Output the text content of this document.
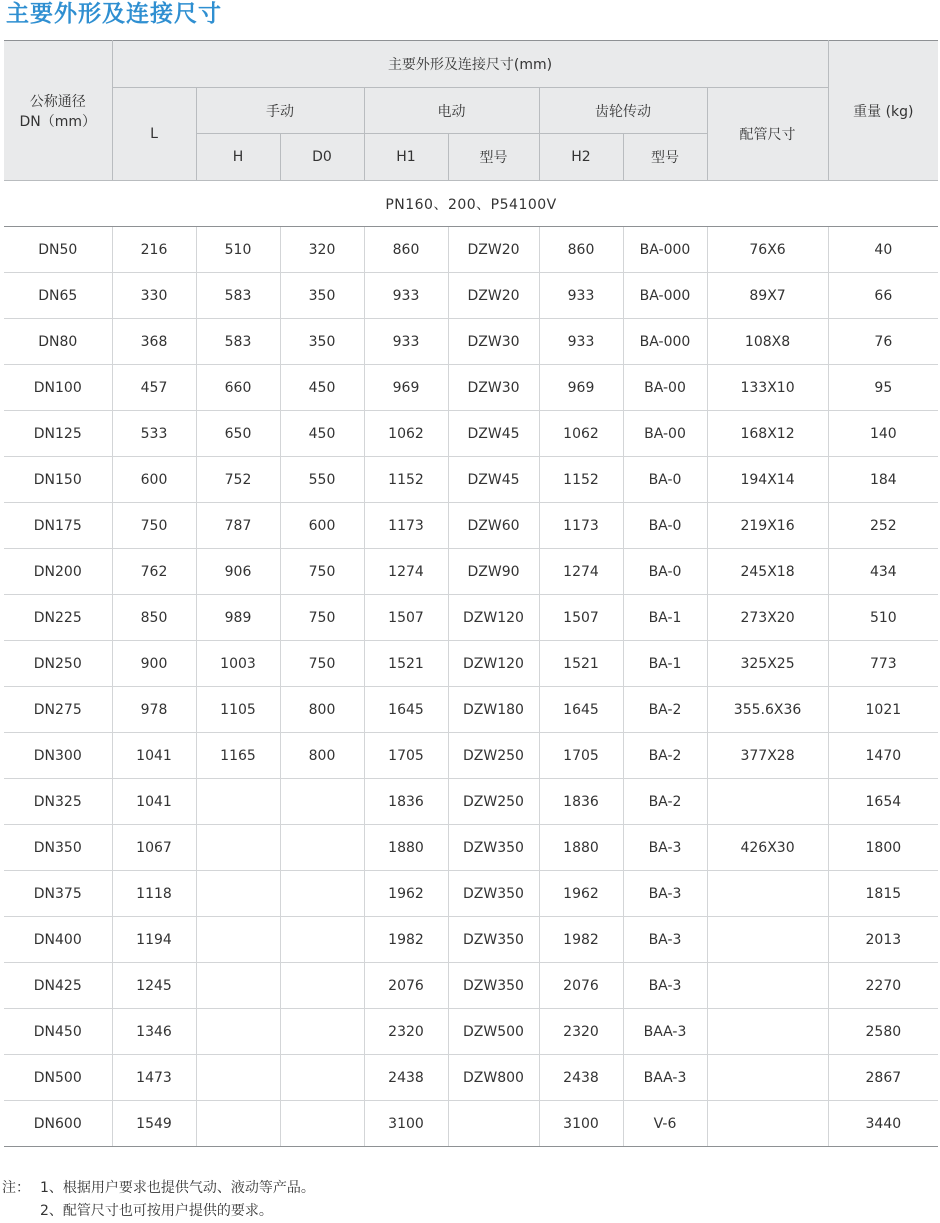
主要外形及连接尺寸
公称通径
DN（mm）	主要外形及连接尺寸(mm)								重量 (kg)
	L	手动		电动		齿轮传动		配管尺寸	
		H	D0	H1	型号	H2	型号		
PN160、200、P54100V									
DN50	216	510	320	860	DZW20	860	BA-000	76X6	40
DN65	330	583	350	933	DZW20	933	BA-000	89X7	66
DN80	368	583	350	933	DZW30	933	BA-000	108X8	76
DN100	457	660	450	969	DZW30	969	BA-00	133X10	95
DN125	533	650	450	1062	DZW45	1062	BA-00	168X12	140
DN150	600	752	550	1152	DZW45	1152	BA-0	194X14	184
DN175	750	787	600	1173	DZW60	1173	BA-0	219X16	252
DN200	762	906	750	1274	DZW90	1274	BA-0	245X18	434
DN225	850	989	750	1507	DZW120	1507	BA-1	273X20	510
DN250	900	1003	750	1521	DZW120	1521	BA-1	325X25	773
DN275	978	1105	800	1645	DZW180	1645	BA-2	355.6X36	1021
DN300	1041	1165	800	1705	DZW250	1705	BA-2	377X28	1470
DN325	1041			1836	DZW250	1836	BA-2		1654
DN350	1067			1880	DZW350	1880	BA-3	426X30	1800
DN375	1118			1962	DZW350	1962	BA-3		1815
DN400	1194			1982	DZW350	1982	BA-3		2013
DN425	1245			2076	DZW350	2076	BA-3		2270
DN450	1346			2320	DZW500	2320	BAA-3		2580
DN500	1473			2438	DZW800	2438	BAA-3		2867
DN600	1549			3100		3100	V-6		3440
注： 1、根据用户要求也提供气动、液动等产品。
2、配管尺寸也可按用户提供的要求。
